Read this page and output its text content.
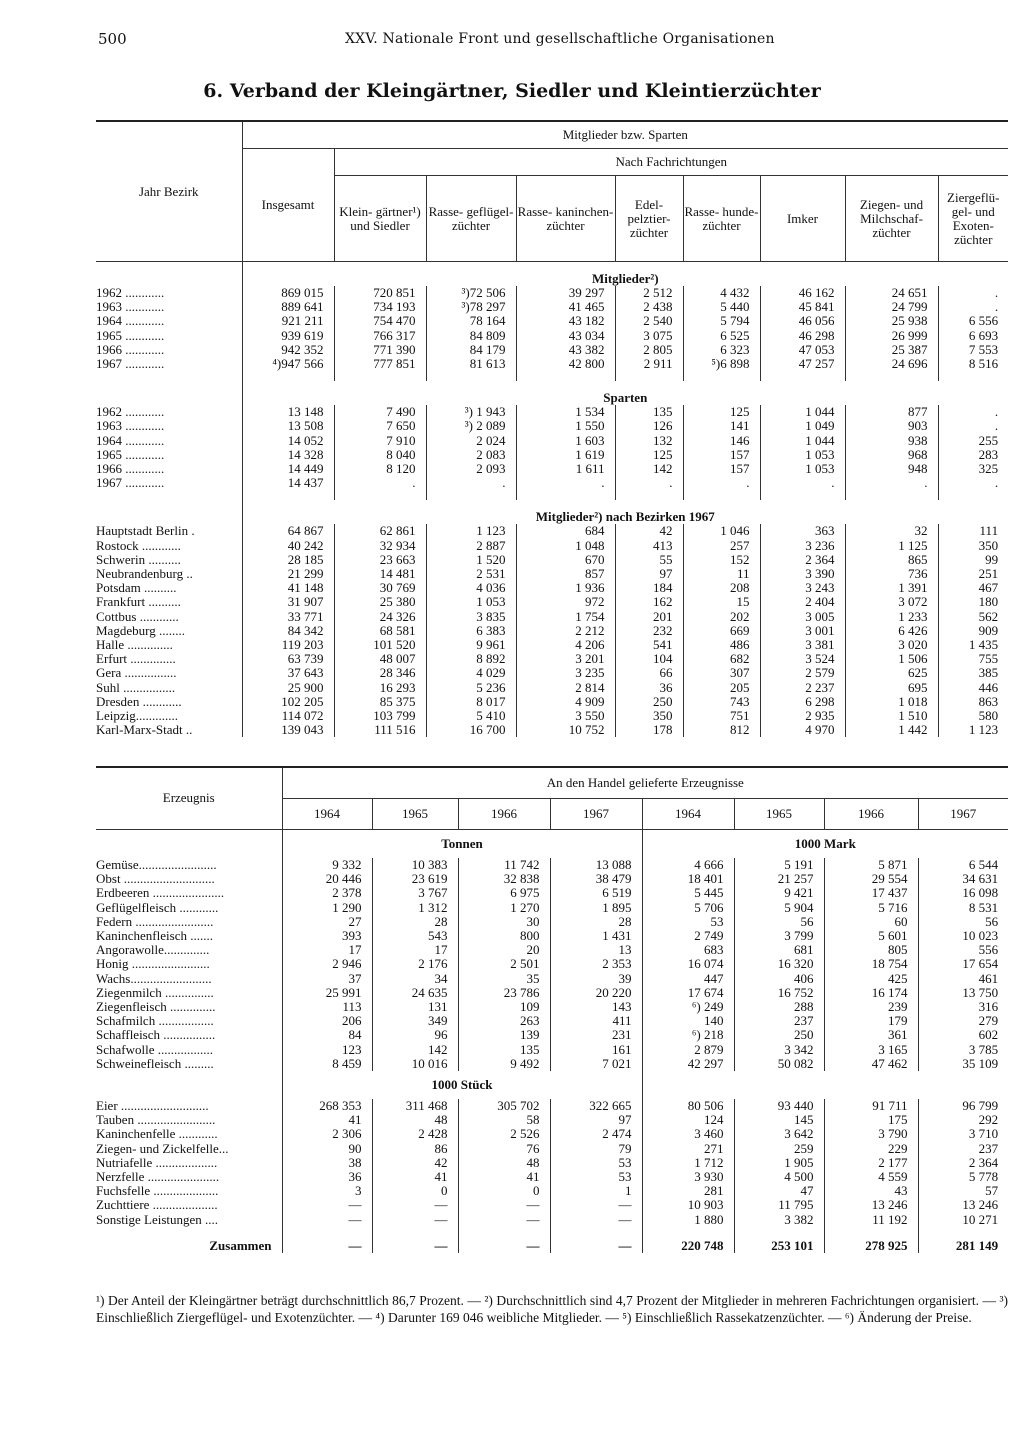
500	XXV. Nationale Front und gesellschaftliche Organisationen
6. Verband der Kleingärtner, Siedler und Kleintierzüchter
Jahr Bezirk	Mitglieder bzw. Sparten								
	Insgesamt	Nach Fachrichtungen							
		Klein- gärtner¹) und Siedler	Rasse- geflügel- züchter	Rasse- kaninchen- züchter	Edel- pelztier- züchter	Rasse- hunde- züchter	Imker	Ziegen- und Milchschaf- züchter	Ziergeflü- gel- und Exoten- züchter
	Mitglieder²)								
1962 ............	869 015	720 851	³)72 506	39 297	2 512	4 432	46 162	24 651	.
1963 ............	889 641	734 193	³)78 297	41 465	2 438	5 440	45 841	24 799	.
1964 ............	921 211	754 470	78 164	43 182	2 540	5 794	46 056	25 938	6 556
1965 ............	939 619	766 317	84 809	43 034	3 075	6 525	46 298	26 999	6 693
1966 ............	942 352	771 390	84 179	43 382	2 805	6 323	47 053	25 387	7 553
1967 ............	⁴)947 566	777 851	81 613	42 800	2 911	⁵)6 898	47 257	24 696	8 516

	Sparten								
1962 ............	13 148	7 490	³) 1 943	1 534	135	125	1 044	877	.
1963 ............	13 508	7 650	³) 2 089	1 550	126	141	1 049	903	.
1964 ............	14 052	7 910	2 024	1 603	132	146	1 044	938	255
1965 ............	14 328	8 040	2 083	1 619	125	157	1 053	968	283
1966 ............	14 449	8 120	2 093	1 611	142	157	1 053	948	325
1967 ............	14 437	.	.	.	.	.	.	.	.

	Mitglieder²) nach Bezirken 1967								
Hauptstadt Berlin .	64 867	62 861	1 123	684	42	1 046	363	32	111
Rostock ............	40 242	32 934	2 887	1 048	413	257	3 236	1 125	350
Schwerin ..........	28 185	23 663	1 520	670	55	152	2 364	865	99
Neubrandenburg ..	21 299	14 481	2 531	857	97	11	3 390	736	251
Potsdam ..........	41 148	30 769	4 036	1 936	184	208	3 243	1 391	467
Frankfurt ..........	31 907	25 380	1 053	972	162	15	2 404	3 072	180
Cottbus ............	33 771	24 326	3 835	1 754	201	202	3 005	1 233	562
Magdeburg ........	84 342	68 581	6 383	2 212	232	669	3 001	6 426	909
Halle ..............	119 203	101 520	9 961	4 206	541	486	3 381	3 020	1 435
Erfurt ..............	63 739	48 007	8 892	3 201	104	682	3 524	1 506	755
Gera ................	37 643	28 346	4 029	3 235	66	307	2 579	625	385
Suhl ................	25 900	16 293	5 236	2 814	36	205	2 237	695	446
Dresden ............	102 205	85 375	8 017	4 909	250	743	6 298	1 018	863
Leipzig.............	114 072	103 799	5 410	3 550	350	751	2 935	1 510	580
Karl-Marx-Stadt ..	139 043	111 516	16 700	10 752	178	812	4 970	1 442	1 123
Erzeugnis	An den Handel gelieferte Erzeugnisse							
	1964	1965	1966	1967	1964	1965	1966	1967
	Tonnen				1000 Mark			
Gemüse........................	9 332	10 383	11 742	13 088	4 666	5 191	5 871	6 544
Obst ............................	20 446	23 619	32 838	38 479	18 401	21 257	29 554	34 631
Erdbeeren ......................	2 378	3 767	6 975	6 519	5 445	9 421	17 437	16 098
Geflügelfleisch ............	1 290	1 312	1 270	1 895	5 706	5 904	5 716	8 531
Federn ........................	27	28	30	28	53	56	60	56
Kaninchenfleisch .......	393	543	800	1 431	2 749	3 799	5 601	10 023
Angorawolle..............	17	17	20	13	683	681	805	556
Honig ........................	2 946	2 176	2 501	2 353	16 074	16 320	18 754	17 654
Wachs.........................	37	34	35	39	447	406	425	461
Ziegenmilch ...............	25 991	24 635	23 786	20 220	17 674	16 752	16 174	13 750
Ziegenfleisch ..............	113	131	109	143	⁶) 249	288	239	316
Schafmilch .................	206	349	263	411	140	237	179	279
Schaffleisch ................	84	96	139	231	⁶) 218	250	361	602
Schafwolle .................	123	142	135	161	2 879	3 342	3 165	3 785
Schweinefleisch .........	8 459	10 016	9 492	7 021	42 297	50 082	47 462	35 109
	1000 Stück							
Eier ...........................	268 353	311 468	305 702	322 665	80 506	93 440	91 711	96 799
Tauben ........................	41	48	58	97	124	145	175	292
Kaninchenfelle ............	2 306	2 428	2 526	2 474	3 460	3 642	3 790	3 710
Ziegen- und Zickelfelle...	90	86	76	79	271	259	229	237
Nutriafelle ...................	38	42	48	53	1 712	1 905	2 177	2 364
Nerzfelle ......................	36	41	41	53	3 930	4 500	4 559	5 778
Fuchsfelle ....................	3	0	0	1	281	47	43	57
Zuchttiere ....................	—	—	—	—	10 903	11 795	13 246	13 246
Sonstige Leistungen ....	—	—	—	—	1 880	3 382	11 192	10 271
Zusammen	—	—	—	—	220 748	253 101	278 925	281 149
¹) Der Anteil der Kleingärtner beträgt durchschnittlich 86,7 Prozent. — ²) Durchschnittlich sind 4,7 Prozent der Mitglieder in mehreren Fachrichtungen organisiert. — ³) Einschließlich Ziergeflügel- und Exotenzüchter. — ⁴) Darunter 169 046 weibliche Mitglieder. — ⁵) Einschließlich Rassekatzenzüchter. — ⁶) Änderung der Preise.
